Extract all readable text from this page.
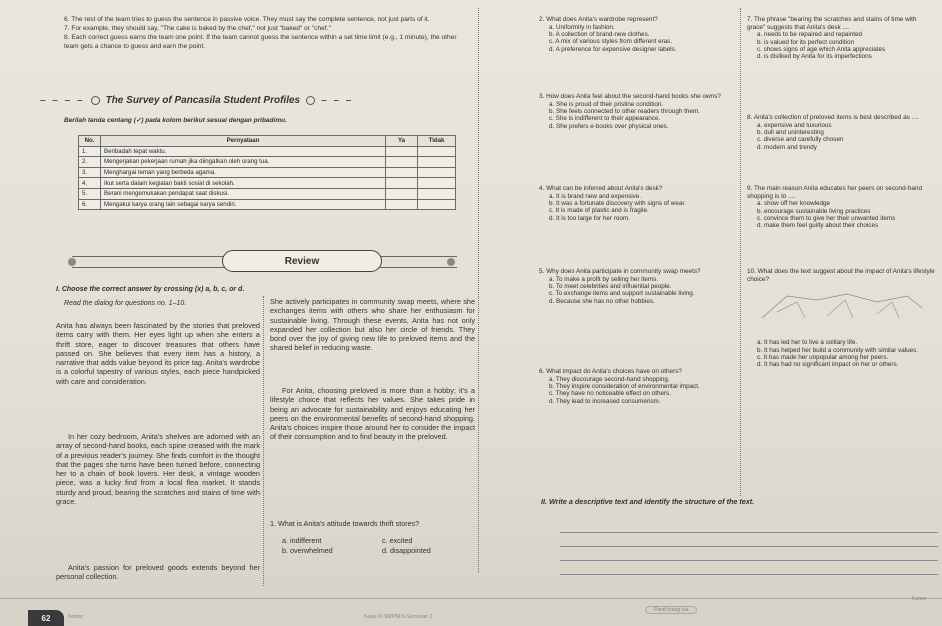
6. The rest of the team tries to guess the sentence in passive voice. They must say the complete sentence, not just parts of it.
7. For example, they should say, "The cake is baked by the chef," not just "baked" or "chef."
8. Each correct guess earns the team one point. If the team cannot guess the sentence within a set time limit (e.g., 1 minute), the other team gets a chance to guess and earn the point.
– – – – The Survey of Pancasila Student Profiles – – –
Berilah tanda centang (✓) pada kolom berikut sesuai dengan pribadimu.
No.	Pernyataan	Ya	Tidak
1.	Beribadah tepat waktu.		
2.	Mengerjakan pekerjaan rumah jika diingatkan oleh orang tua.		
3.	Menghargai teman yang berbeda agama.		
4.	Ikut serta dalam kegiatan bakti sosial di sekolah.		
5.	Berani mengemukakan pendapat saat diskusi.		
6.	Mengakui karya orang lain sebagai karya sendiri.		
Review
I. Choose the correct answer by crossing (x) a, b, c, or d.
Read the dialog for questions no. 1–10.
Anita has always been fascinated by the stories that preloved items carry with them. Her eyes light up when she enters a thrift store, eager to discover treasures that others have passed on. She believes that every item has a history, a narrative that adds value beyond its price tag. Anita's wardrobe is a colorful tapestry of various styles, each piece handpicked with care and consideration.
In her cozy bedroom, Anita's shelves are adorned with an array of second-hand books, each spine creased with the mark of a previous reader's journey. She finds comfort in the thought that the pages she turns have been turned before, connecting her to a chain of book lovers. Her desk, a vintage wooden piece, was a lucky find from a local flea market. It stands sturdy and proud, bearing the scratches and stains of time with grace.
Anita's passion for preloved goods extends beyond her personal collection.
She actively participates in community swap meets, where she exchanges items with others who share her enthusiasm for sustainable living. Through these events, Anita has not only expanded her collection but also her circle of friends. They bond over the joy of giving new life to preloved items and the shared belief in reducing waste.
For Anita, choosing preloved is more than a hobby; it's a lifestyle choice that reflects her values. She takes pride in being an advocate for sustainability and enjoys educating her peers on the environmental benefits of second-hand shopping. Anita's choices inspire those around her to consider the impact of their consumption and to find beauty in the preloved.
1. What is Anita's attitude towards thrift stores?
a. indifferent	c. excited
b. overwhelmed	d. disappointed
2. What does Anita's wardrobe represent?
a. Uniformity in fashion.
b. A collection of brand-new clothes.
c. A mix of various styles from different eras.
d. A preference for expensive designer labels.
3. How does Anita feel about the second-hand books she owns?
a. She is proud of their pristine condition.
b. She feels connected to other readers through them.
c. She is indifferent to their appearance.
d. She prefers e-books over physical ones.
4. What can be inferred about Anita's desk?
a. It is brand new and expensive.
b. It was a fortunate discovery with signs of wear.
c. It is made of plastic and is fragile.
d. It is too large for her room.
5. Why does Anita participate in community swap meets?
a. To make a profit by selling her items.
b. To meet celebrities and influential people.
c. To exchange items and support sustainable living.
d. Because she has no other hobbies.
6. What impact do Anita's choices have on others?
a. They discourage second-hand shopping.
b. They inspire consideration of environmental impact.
c. They have no noticeable effect on others.
d. They lead to increased consumerism.
7. The phrase "bearing the scratches and stains of time with grace" suggests that Anita's desk ....
a. needs to be repaired and repainted
b. is valued for its perfect condition
c. shows signs of age which Anita appreciates
d. is disliked by Anita for its imperfections
8. Anita's collection of preloved items is best described as ....
a. expensive and luxurious
b. dull and uninteresting
c. diverse and carefully chosen
d. modern and trendy
9. The main reason Anita educates her peers on second-hand shopping is to ....
a. show off her knowledge
b. encourage sustainable living practices
c. convince them to give her their unwanted items
d. make them feel guilty about their choices
10. What does the text suggest about the impact of Anita's lifestyle choice?
a. It has led her to live a solitary life.
b. It has helped her build a community with similar values.
c. It has made her unpopular among her peers.
d. It has had no significant impact on her or others.
II. Write a descriptive text and identify the structure of the text.
62	Nomor	Kelas IX SMP/MTs Semester 2
Paraf orang tua
Kumor
